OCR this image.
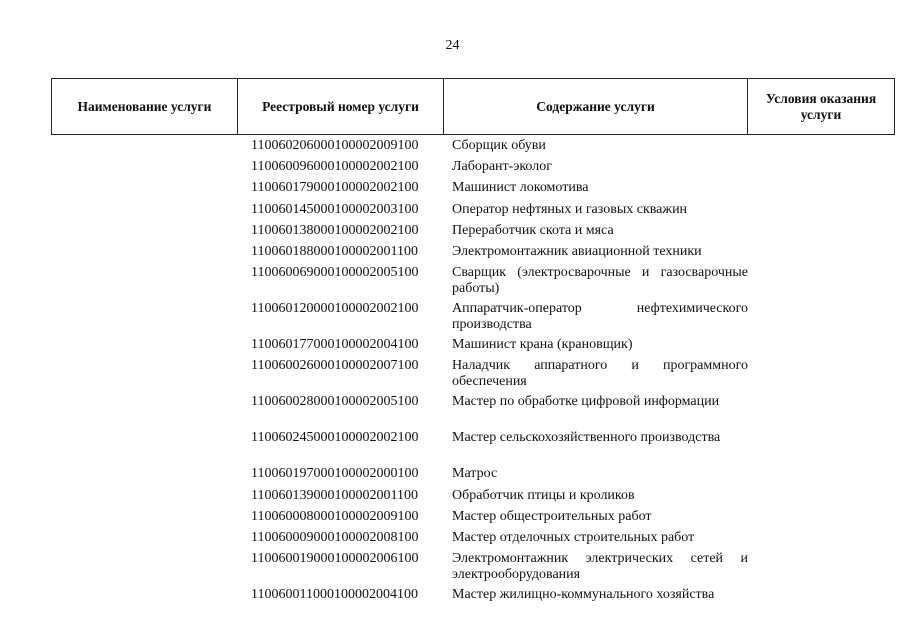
24
Наименование услуги	Реестровый номер услуги	Содержание услуги	Условия оказания услуги
11006020600010000200910​0	Сборщик обуви
110060096000100002002100	Лаборант-эколог
110060179000100002002100	Машинист локомотива
110060145000100002003100	Оператор нефтяных и газовых скважин
110060138000100002002100	Переработчик скота и мяса
110060188000100002001100	Электромонтажник авиационной техники
110060069000100002005100	Сварщик (электросварочные и газосварочные работы)
110060120000100002002100	Аппаратчик-оператор нефтехимического производства
110060177000100002004100	Машинист крана (крановщик)
110060026000100002007100	Наладчик аппаратного и программного обеспечения
110060028000100002005100	Мастер по обработке цифровой информации
110060245000100002002100	Мастер сельскохозяйственного производства
110060197000100002000100	Матрос
110060139000100002001100	Обработчик птицы и кроликов
110060008000100002009100	Мастер общестроительных работ
110060009000100002008100	Мастер отделочных строительных работ
110060019000100002006100	Электромонтажник электрических сетей и электрооборудования
110060011000100002004100	Мастер жилищно-коммунального хозяйства
